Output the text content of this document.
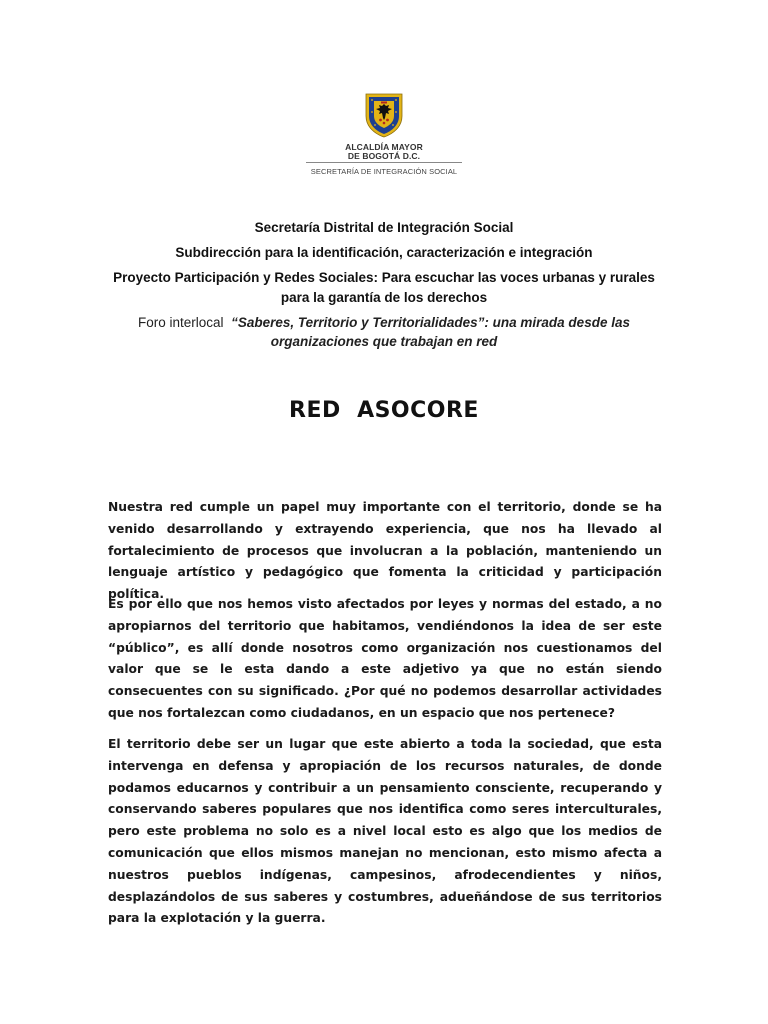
ALCALDÍA MAYOR
DE BOGOTÁ D.C.
SECRETARÍA DE INTEGRACIÓN SOCIAL
Secretaría Distrital de Integración Social
Subdirección para la identificación, caracterización e integración
Proyecto Participación y Redes Sociales: Para escuchar las voces urbanas y rurales
para la garantía de los derechos
Foro interlocal “Saberes, Territorio y Territorialidades”: una mirada desde las
organizaciones que trabajan en red
RED  ASOCORE

Nuestra red cumple un papel muy importante con el territorio, donde se ha venido desarrollando y extrayendo experiencia, que nos ha llevado al fortalecimiento de procesos que involucran a la población, manteniendo un lenguaje artístico y pedagógico que fomenta la criticidad y participación política.

Es por ello que nos hemos visto afectados por leyes y normas del estado, a no apropiarnos del territorio que habitamos, vendiéndonos la idea de ser este “público”, es allí donde nosotros como organización nos cuestionamos del valor que se le esta dando a este adjetivo ya que no están siendo consecuentes con su significado. ¿Por qué no podemos desarrollar actividades que nos fortalezcan como ciudadanos, en un espacio que nos pertenece?

El territorio debe ser un lugar que este abierto a toda la sociedad, que esta intervenga en defensa y apropiación de los recursos naturales, de donde podamos educarnos y contribuir a un pensamiento consciente, recuperando y conservando saberes populares que nos identifica como seres interculturales, pero este problema no solo es a nivel local esto es algo que los medios de comunicación que ellos mismos manejan no mencionan, esto mismo afecta a nuestros pueblos indígenas, campesinos, afrodecendientes y niños, desplazándolos de sus saberes y costumbres, adueñándose de sus territorios para la explotación y la guerra.
